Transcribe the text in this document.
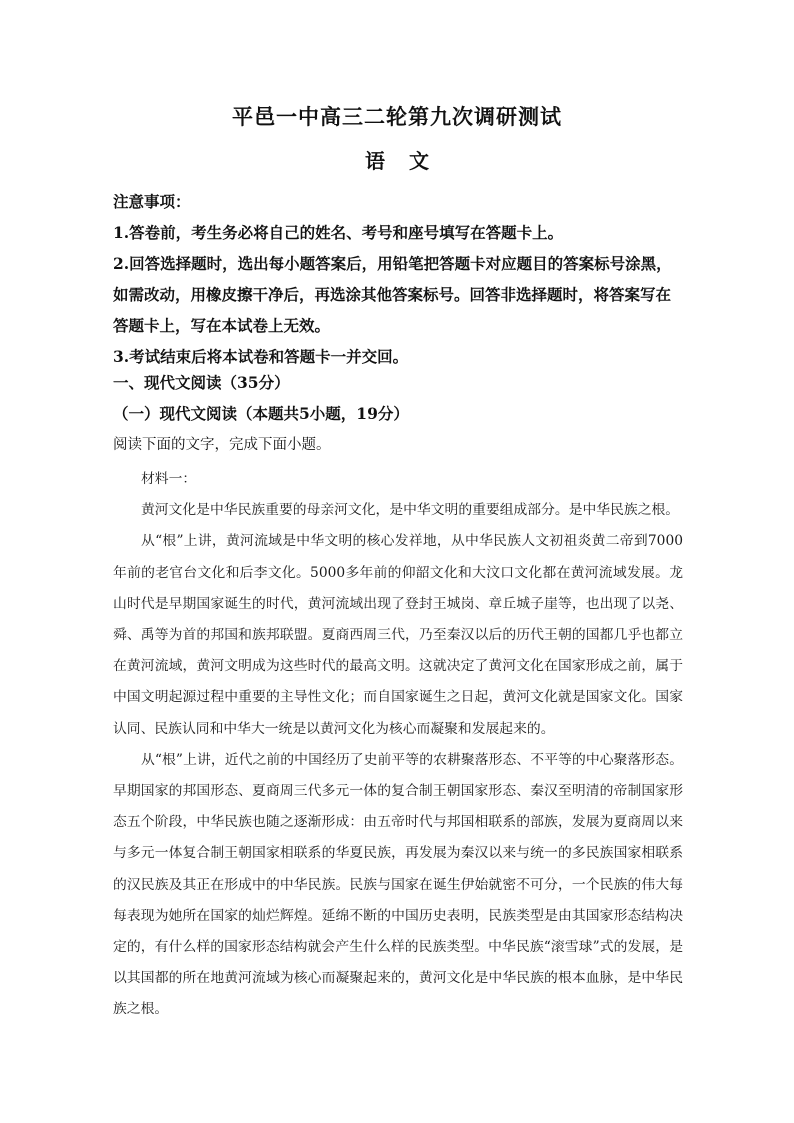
平邑一中高三二轮第九次调研测试
语文

注意事项：

1.答卷前，考生务必将自己的姓名、考号和座号填写在答题卡上。

2.回答选择题时，选出每小题答案后，用铅笔把答题卡对应题目的答案标号涂黑，如需改动，用橡皮擦干净后，再选涂其他答案标号。回答非选择题时，将答案写在答题卡上，写在本试卷上无效。

3.考试结束后将本试卷和答题卡一并交回。

一、现代文阅读（35分）

（一）现代文阅读（本题共5小题，19分）

阅读下面的文字，完成下面小题。

材料一：

黄河文化是中华民族重要的母亲河文化，是中华文明的重要组成部分。是中华民族之根。

从“根”上讲，黄河流域是中华文明的核心发祥地，从中华民族人文初祖炎黄二帝到7000年前的老官台文化和后李文化。5000多年前的仰韶文化和大汶口文化都在黄河流域发展。龙山时代是早期国家诞生的时代，黄河流域出现了登封王城岗、章丘城子崖等，也出现了以尧、舜、禹等为首的邦国和族邦联盟。夏商西周三代，乃至秦汉以后的历代王朝的国都几乎也都立在黄河流域，黄河文明成为这些时代的最高文明。这就决定了黄河文化在国家形成之前，属于中国文明起源过程中重要的主导性文化；而自国家诞生之日起，黄河文化就是国家文化。国家认同、民族认同和中华大一统是以黄河文化为核心而凝聚和发展起来的。

从“根”上讲，近代之前的中国经历了史前平等的农耕聚落形态、不平等的中心聚落形态。早期国家的邦国形态、夏商周三代多元一体的复合制王朝国家形态、秦汉至明清的帝制国家形态五个阶段，中华民族也随之逐渐形成：由五帝时代与邦国相联系的部族，发展为夏商周以来与多元一体复合制王朝国家相联系的华夏民族，再发展为秦汉以来与统一的多民族国家相联系的汉民族及其正在形成中的中华民族。民族与国家在诞生伊始就密不可分，一个民族的伟大每每表现为她所在国家的灿烂辉煌。延绵不断的中国历史表明，民族类型是由其国家形态结构决定的，有什么样的国家形态结构就会产生什么样的民族类型。中华民族“滚雪球”式的发展，是以其国都的所在地黄河流域为核心而凝聚起来的，黄河文化是中华民族的根本血脉，是中华民族之根。
